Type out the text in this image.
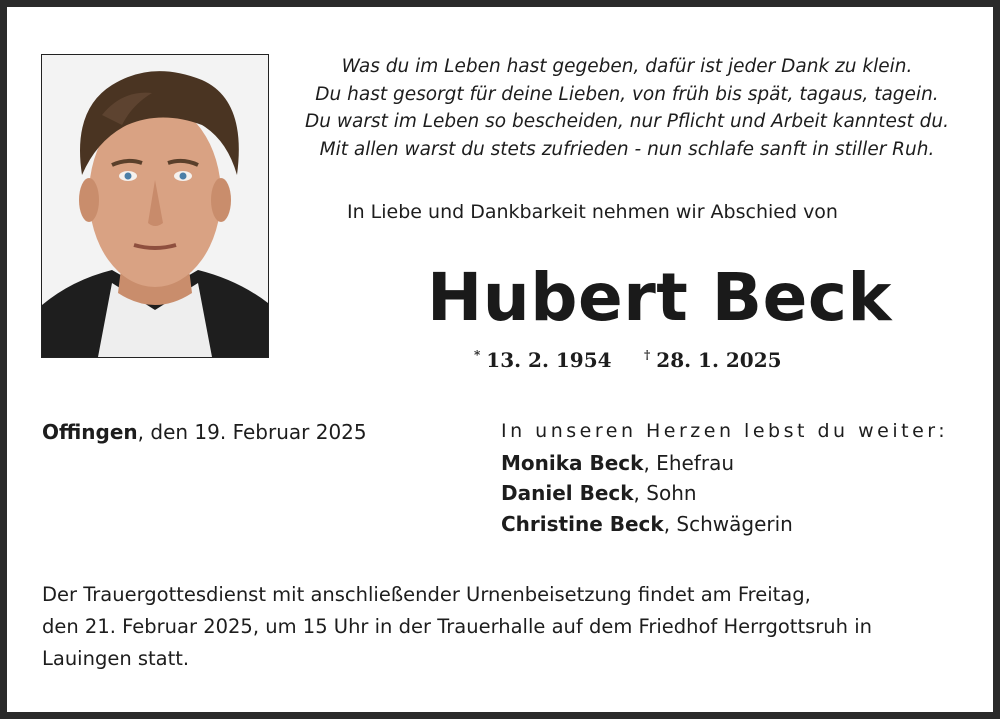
Was du im Leben hast gegeben, dafür ist jeder Dank zu klein.
Du hast gesorgt für deine Lieben, von früh bis spät, tagaus, tagein.
Du warst im Leben so bescheiden, nur Pflicht und Arbeit kanntest du.
Mit allen warst du stets zufrieden - nun schlafe sanft in stiller Ruh.
In Liebe und Dankbarkeit nehmen wir Abschied von
Hubert Beck
* 13. 2. 1954	† 28. 1. 2025
Offingen, den 19. Februar 2025	In unseren Herzen lebst du weiter:
Monika Beck, Ehefrau
Daniel Beck, Sohn
Christine Beck, Schwägerin
Der Trauergottesdienst mit anschließender Urnenbeisetzung findet am Freitag,
den 21. Februar 2025, um 15 Uhr in der Trauerhalle auf dem Friedhof Herrgottsruh in
Lauingen statt.
